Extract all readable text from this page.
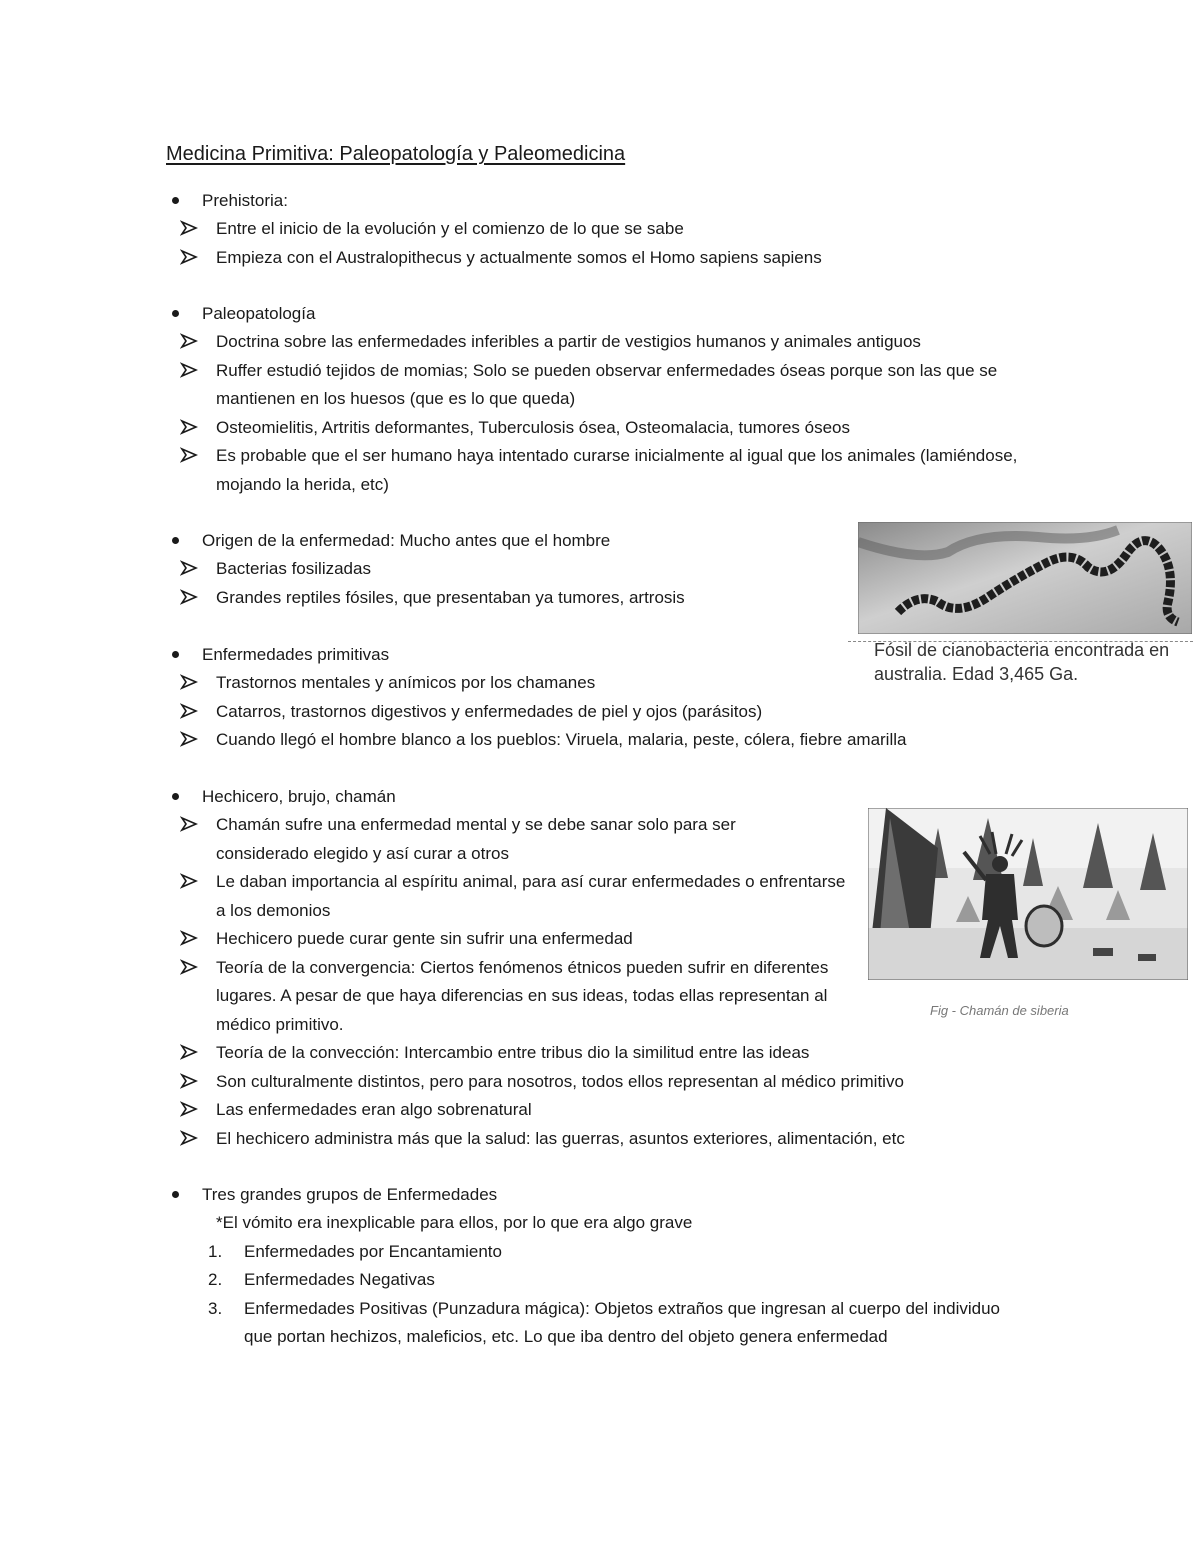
Medicina Primitiva: Paleopatología y Paleomedicina
Prehistoria:
Entre el inicio de la evolución y el comienzo de lo que se sabe
Empieza con el Australopithecus y actualmente somos el Homo sapiens sapiens
Paleopatología
Doctrina sobre las enfermedades inferibles a partir de vestigios humanos y animales antiguos
Ruffer estudió tejidos de momias; Solo se pueden observar enfermedades óseas porque son las que se mantienen en los huesos (que es lo que queda)
Osteomielitis, Artritis deformantes, Tuberculosis ósea, Osteomalacia, tumores óseos
Es probable que el ser humano haya intentado curarse inicialmente al igual que los animales (lamiéndose, mojando la herida, etc)
Origen de la enfermedad: Mucho antes que el hombre
Bacterias fosilizadas
Grandes reptiles fósiles, que presentaban ya tumores, artrosis
Enfermedades primitivas
Trastornos mentales y anímicos por los chamanes
Catarros, trastornos digestivos y enfermedades de piel y ojos (parásitos)
Cuando llegó el hombre blanco a los pueblos: Viruela, malaria, peste, cólera, fiebre amarilla
Hechicero, brujo, chamán
Chamán sufre una enfermedad mental y se debe sanar solo para ser considerado elegido y así curar a otros
Le daban importancia al espíritu animal, para así curar enfermedades o enfrentarse a los demonios
Hechicero puede curar gente sin sufrir una enfermedad
Teoría de la convergencia: Ciertos fenómenos étnicos pueden sufrir en diferentes lugares. A pesar de que haya diferencias en sus ideas, todas ellas representan al médico primitivo.
Teoría de la convección: Intercambio entre tribus dio la similitud entre las ideas
Son culturalmente distintos, pero para nosotros, todos ellos representan al médico primitivo
Las enfermedades eran algo sobrenatural
El hechicero administra más que la salud: las guerras, asuntos exteriores, alimentación, etc
Tres grandes grupos de Enfermedades
*El vómito era inexplicable para ellos, por lo que era algo grave
1. Enfermedades por Encantamiento
2. Enfermedades Negativas
3. Enfermedades Positivas (Punzadura mágica): Objetos extraños que ingresan al cuerpo del individuo que portan hechizos, maleficios, etc. Lo que iba dentro del objeto genera enfermedad
Fósil de cianobacteria encontrada en australia. Edad 3,465 Ga.
Fig - Chamán de siberia
